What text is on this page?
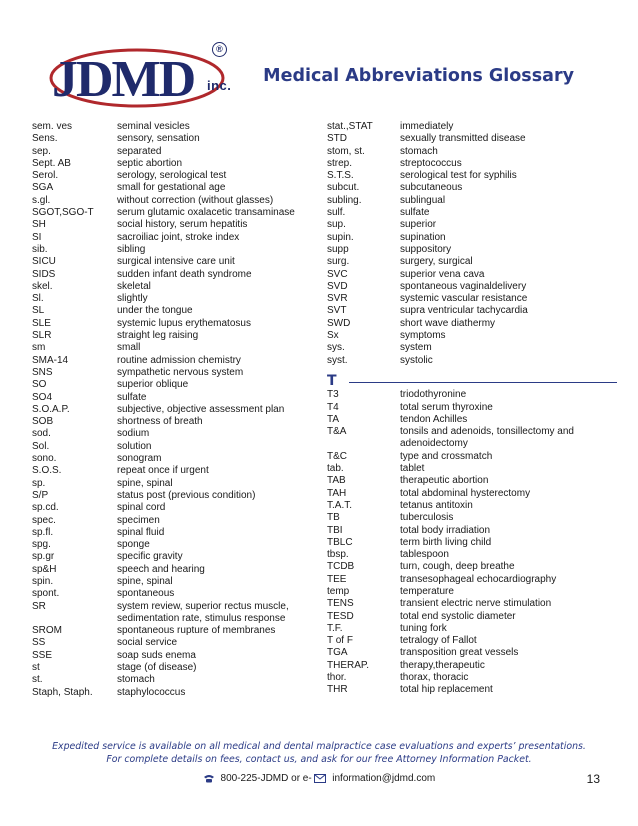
JDMD
®
inc. Medical Abbreviations Glossary
sem. ves	seminal vesicles
Sens.	sensory, sensation
sep.	separated
Sept. AB	septic abortion
Serol.	serology, serological test
SGA	small for gestational age
s.gl.	without correction (without glasses)
SGOT,SGO-T	serum glutamic oxalacetic transaminase
SH	social history, serum hepatitis
SI	sacroiliac joint, stroke index
sib.	sibling
SICU	surgical intensive care unit
SIDS	sudden infant death syndrome
skel.	skeletal
Sl.	slightly
SL	under the tongue
SLE	systemic lupus erythematosus
SLR	straight leg raising
sm	small
SMA-14	routine admission chemistry
SNS	sympathetic nervous system
SO	superior oblique
SO4	sulfate
S.O.A.P.	subjective, objective assessment plan
SOB	shortness of breath
sod.	sodium
Sol.	solution
sono.	sonogram
S.O.S.	repeat once if urgent
sp.	spine, spinal
S/P	status post (previous condition)
sp.cd.	spinal cord
spec.	specimen
sp.fl.	spinal fluid
spg.	sponge
sp.gr	specific gravity
sp&H	speech and hearing
spin.	spine, spinal
spont.	spontaneous
SR	system review, superior rectus muscle, sedimentation rate, stimulus response
SROM	spontaneous rupture of membranes
SS	social service
SSE	soap suds enema
st	stage (of disease)
st.	stomach
Staph, Staph.	staphylococcus
stat.,STAT	immediately
STD	sexually transmitted disease
stom, st.	stomach
strep.	streptococcus
S.T.S.	serological test for syphilis
subcut.	subcutaneous
subling.	sublingual
sulf.	sulfate
sup.	superior
supin.	supination
supp	suppository
surg.	surgery, surgical
SVC	superior vena cava
SVD	spontaneous vaginaldelivery
SVR	systemic vascular resistance
SVT	supra ventricular tachycardia
SWD	short wave diathermy
Sx	symptoms
sys.	system
syst.	systolic
T
T3	triodothyronine
T4	total serum thyroxine
TA	tendon Achilles
T&A	tonsils and adenoids, tonsillectomy and adenoidectomy
T&C	type and crossmatch
tab.	tablet
TAB	therapeutic abortion
TAH	total abdominal hysterectomy
T.A.T.	tetanus antitoxin
TB	tuberculosis
TBI	total body irradiation
TBLC	term birth living child
tbsp.	tablespoon
TCDB	turn, cough, deep breathe
TEE	transesophageal echocardiography
temp	temperature
TENS	transient electric nerve stimulation
TESD	total end systolic diameter
T.F.	tuning fork
T of F	tetralogy of Fallot
TGA	transposition great vessels
THERAP.	therapy,therapeutic
thor.	thorax, thoracic
THR	total hip replacement
Expedited service is available on all medical and dental malpractice case evaluations and experts’ presentations.
For complete details on fees, contact us, and ask for our free Attorney Information Packet.
800-225-JDMD or e- information@jdmd.com	13
